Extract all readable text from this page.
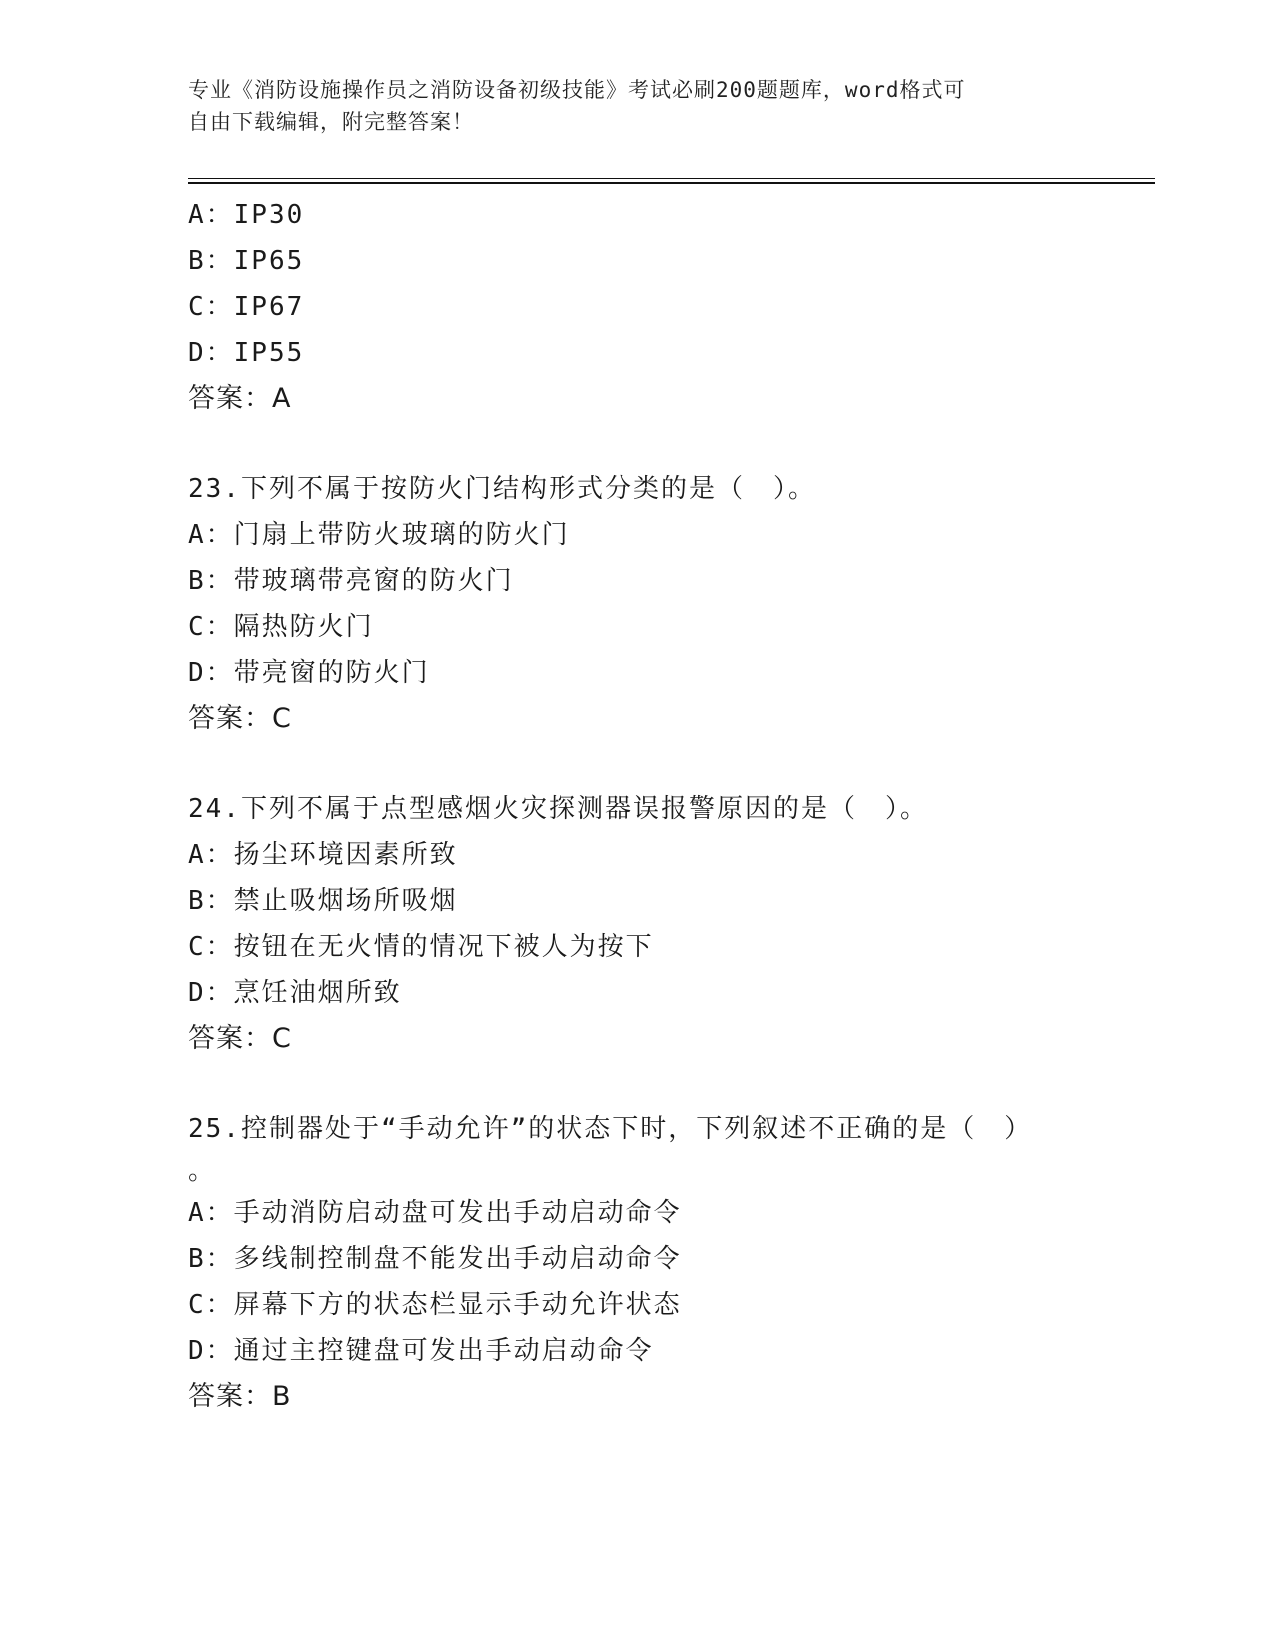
专业《消防设施操作员之消防设备初级技能》考试必刷200题题库，word格式可
自由下载编辑，附完整答案！
A：IP30
B：IP65
C：IP67
D：IP55
答案：A
23.下列不属于按防火门结构形式分类的是（　）。
A：门扇上带防火玻璃的防火门
B：带玻璃带亮窗的防火门
C：隔热防火门
D：带亮窗的防火门
答案：C
24.下列不属于点型感烟火灾探测器误报警原因的是（　）。
A：扬尘环境因素所致
B：禁止吸烟场所吸烟
C：按钮在无火情的情况下被人为按下
D：烹饪油烟所致
答案：C
25.控制器处于“手动允许”的状态下时，下列叙述不正确的是（　）
。
A：手动消防启动盘可发出手动启动命令
B：多线制控制盘不能发出手动启动命令
C：屏幕下方的状态栏显示手动允许状态
D：通过主控键盘可发出手动启动命令
答案：B
